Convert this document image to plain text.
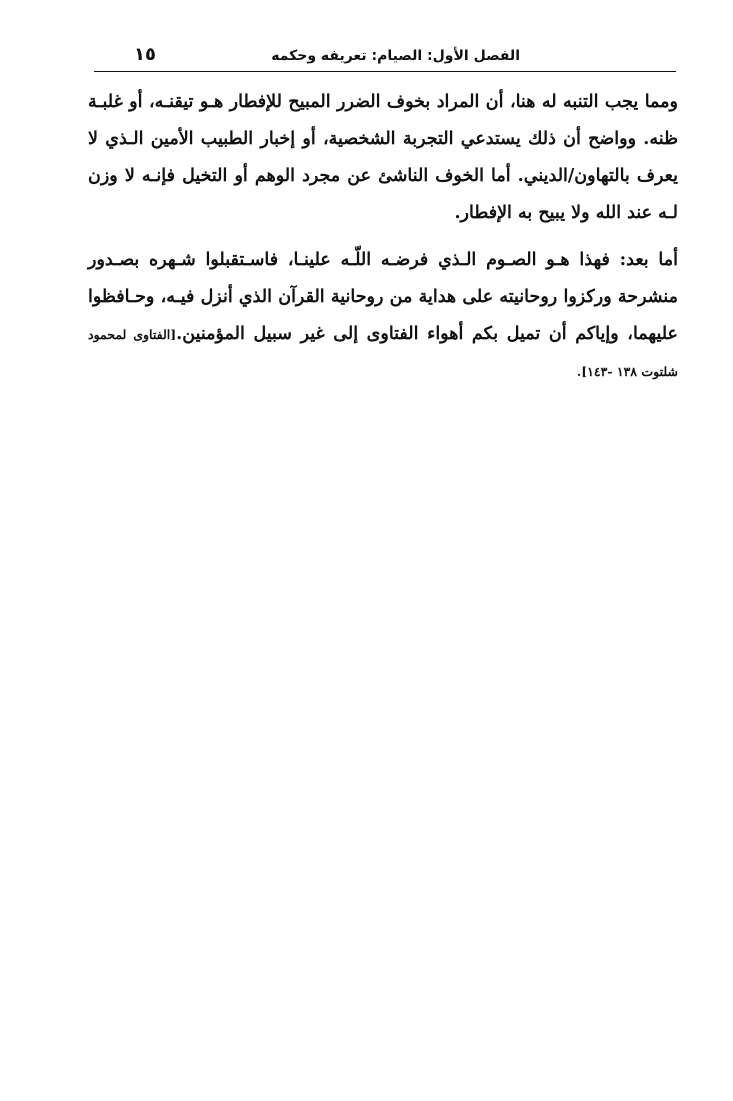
الفصل الأول: الصيام: تعريفه وحكمه
١٥

ومما يجب التنبه له هنا، أن المراد بخوف الضرر المبيح للإفطار هـو تيقنـه، أو غلبـة ظنه. وواضح أن ذلك يستدعي التجربة الشخصية، أو إخبار الطبيب الأمين الـذي لا يعرف بالتهاون/الديني. أما الخوف الناشئ عن مجرد الوهم أو التخيل فإنـه لا وزن لـه عند الله ولا يبيح به الإفطار.

أما بعد: فهذا هـو الصـوم الـذي فرضـه اللّـه علينـا، فاسـتقبلوا شـهره بصـدور منشرحة وركزوا روحانيته على هداية من روحانية القرآن الذي أنزل فيـه، وحـافظوا عليهما، وإياكم أن تميل بكم أهواء الفتاوى إلى غير سبيل المؤمنين.[الفتاوى لمحمود شلتوت ١٣٨ -١٤٣].
